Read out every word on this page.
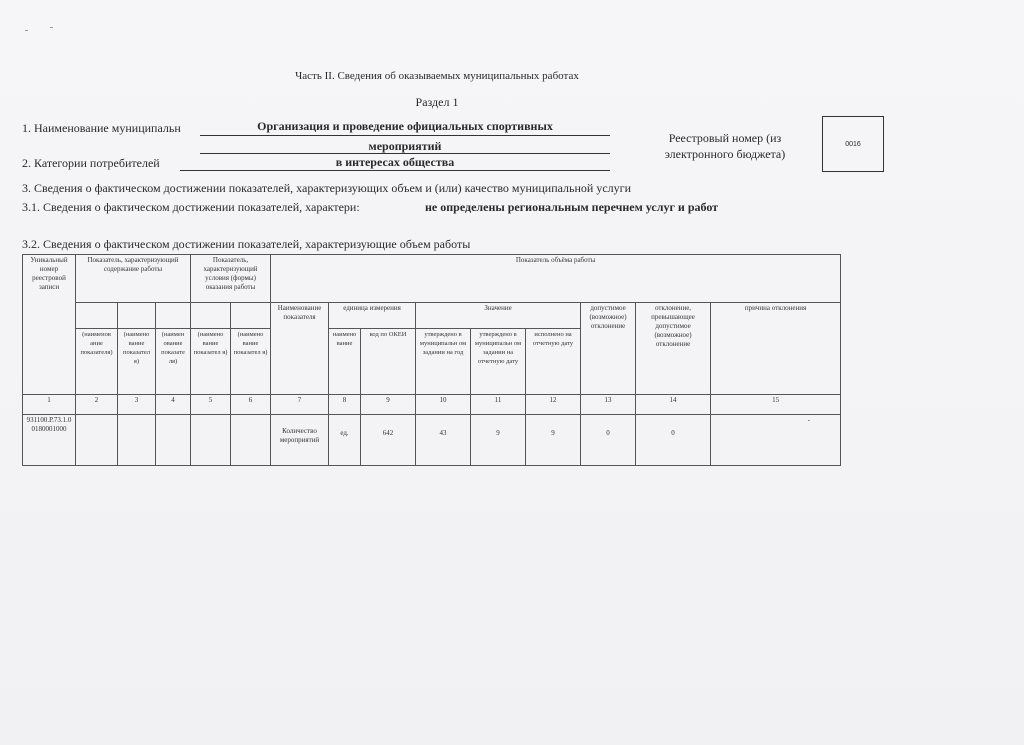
Часть II. Сведения об оказываемых муниципальных работах
Раздел 1
1. Наименование муниципальн	Организация и проведение официальных спортивных
мероприятий
2. Категории потребителей	в интересах общества
Реестровый номер (из электронного бюджета)
0016
3. Сведения о фактическом достижении показателей, характеризующих объем и (или) качество муниципальной услуги
3.1. Сведения о фактическом достижении показателей, характери:	не определены региональным перечнем услуг и работ
3.2. Сведения о фактическом достижении показателей, характеризующие объем работы
Уникальный номер реестровой записи	Показатель, характеризующий содержание работы			Показатель, характеризующий условия (формы) оказания работы		Показатель объёма работы								
						Наименование показателя	единица измерения		Значение			допустимое (возможное) отклонение	отклонение, превышающее допустимое (возможное) отклонение	причина отклонения
	(наименов ание показателя)	(наимено вание показател я)	(наимен ование показате ля)	(наимено вание показател я)	(наимено вание показател я)		наимено вание	код по ОКЕИ	утверждено в муниципальн ом задании на год	утверждено в муниципальн ом задании на отчетную дату	исполнено на отчетную дату			

1	2	3	4	5	6	7	8	9	10	11	12	13	14	15
931100.Р.73.1.00180001000						Количество мероприятий	ед.	642	43	9	9	0	0	-
